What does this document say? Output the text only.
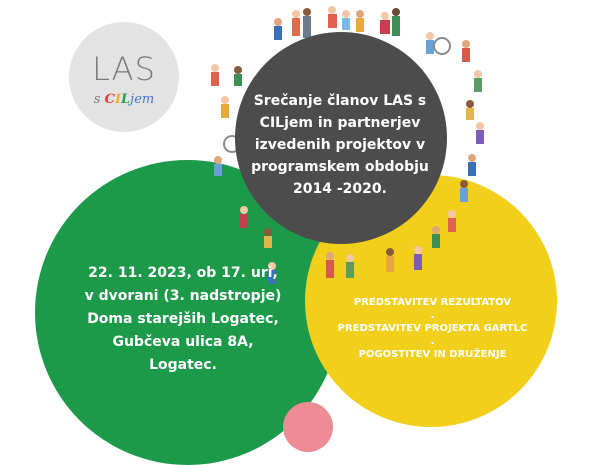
LAS
s CILjem	Srečanje članov LAS s
CILjem in partnerjev
izvedenih projektov v
programskem obdobju
2014 -2020.
22. 11. 2023, ob 17. uri,
v dvorani (3. nadstropje)
Doma starejših Logatec,
Gubčeva ulica 8A,
Logatec.
PREDSTAVITEV REZULTATOV
.
PREDSTAVITEV PROJEKTA GARTLC
.
POGOSTITEV IN DRUŽENJE
